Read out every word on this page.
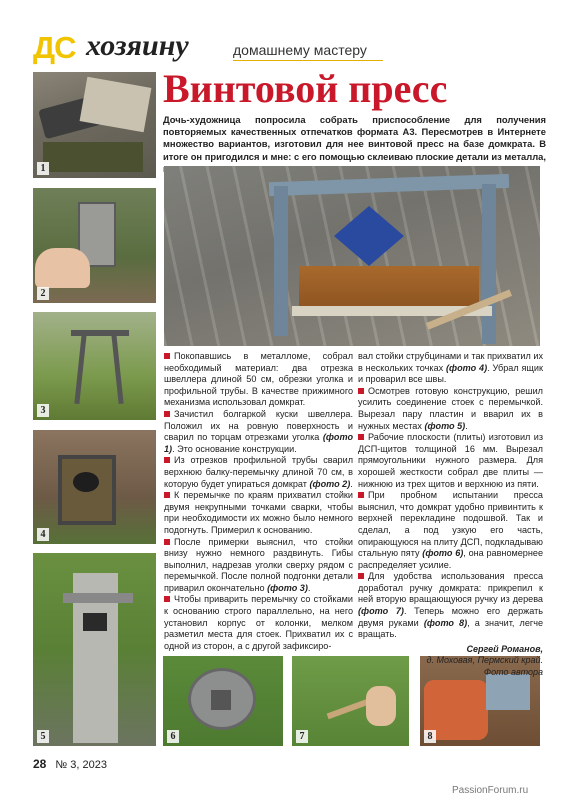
ДС хозяину	домашнему мастеру
Винтовой пресс
Дочь-художница попросила собрать приспособление для получения повторяемых качественных отпечатков формата А3. Пересмотрев в Интернете множество вариантов, изготовил для нее винтовой пресс на базе домкрата. В итоге он пригодился и мне: с его помощью склеиваю плоские детали из металла,
1
2
3
4
5	6	7	8

Покопавшись в металломе, собрал необходимый материал: два отрезка швеллера длиной 50 см, обрезки уголка и профильной трубы. В качестве прижимного механизма использовал домкрат.

Зачистил болгаркой куски швеллера. Положил их на ровную поверхность и сварил по торцам отрезками уголка (фото 1). Это основание конструкции.

Из отрезков профильной трубы сварил верхнюю балку-перемычку длиной 70 см, в которую будет упираться домкрат (фото 2).

К перемычке по краям прихватил стойки двумя некрупными точками сварки, чтобы при необходимости их можно было немного подогнуть. Примерил к основанию.

После примерки выяснил, что стойки внизу нужно немного раздвинуть. Гибы выполнил, надрезав уголки сверху рядом с перемычкой. После полной подгонки детали приварил окончательно (фото 3).

Чтобы приварить перемычку со стойками к основанию строго параллельно, на него установил корпус от колонки, мелком разметил места для стоек. Прихватил их с одной из сторон, а с другой зафиксиро-

вал стойки струбцинами и так прихватил их в нескольких точках (фото 4). Убрал ящик и проварил все швы.

Осмотрев готовую конструкцию, решил усилить соединение стоек с перемычкой. Вырезал пару пластин и вварил их в нужных местах (фото 5).

Рабочие плоскости (плиты) изготовил из ДСП-щитов толщиной 16 мм. Вырезал прямоугольники нужного размера. Для хорошей жесткости собрал две плиты — нижнюю из трех щитов и верхнюю из пяти.

При пробном испытании пресса выяснил, что домкрат удобно привинтить к верхней перекладине подошвой. Так и сделал, а под узкую его часть, опирающуюся на плиту ДСП, подкладываю стальную пяту (фото 6), она равномернее распределяет усилие.

Для удобства использования пресса доработал ручку домкрата: прикрепил к ней вторую вращающуюся ручку из дерева (фото 7). Теперь можно его держать двумя руками (фото 8), а значит, легче вращать.

Сергей Романов,
д. Моховая, Пермский край.
Фото автора
28 № 3, 2023
PassionForum.ru
